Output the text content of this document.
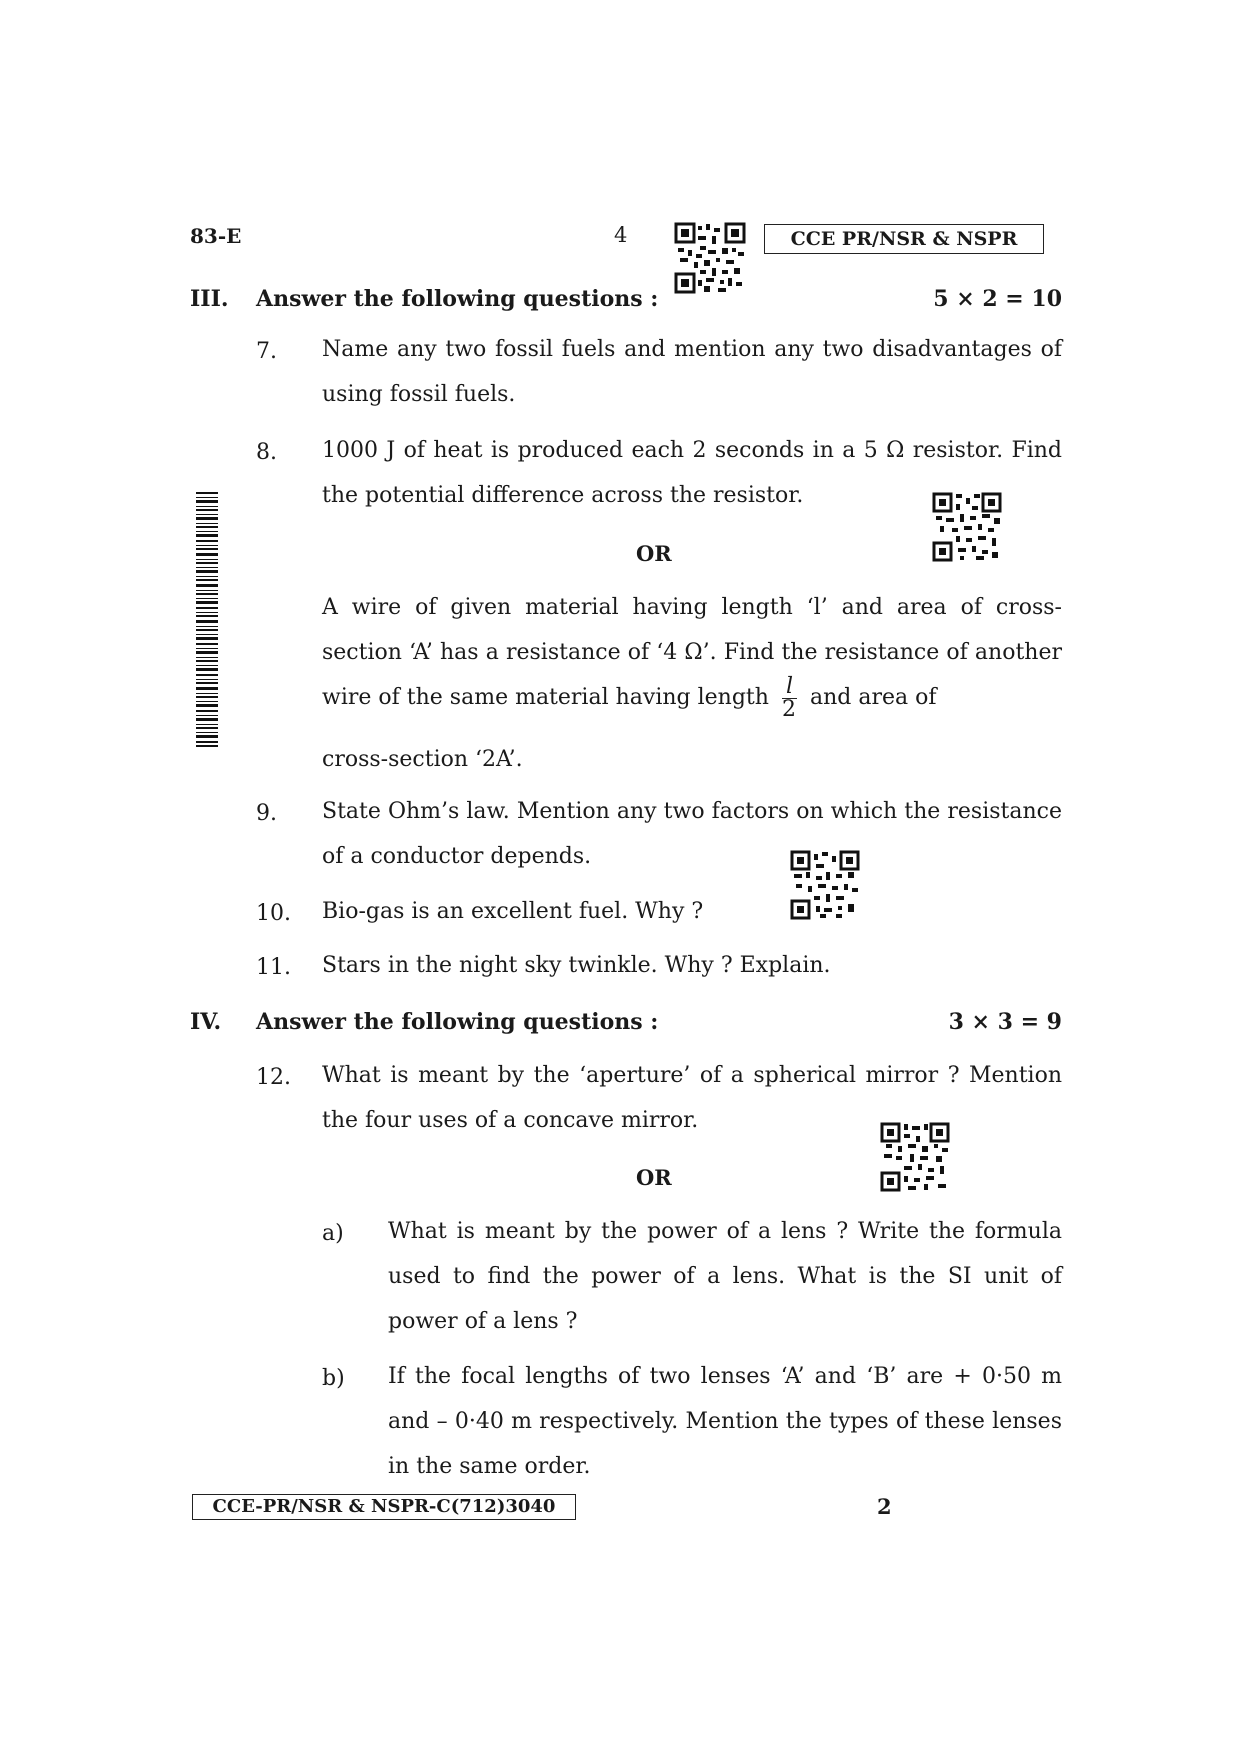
83-E	4	CCE PR/NSR & NSPR
III. Answer the following questions :	5 × 2 = 10
7. Name any two fossil fuels and mention any two disadvantages of using fossil fuels.
8. 1000 J of heat is produced each 2 seconds in a 5 Ω resistor. Find the potential difference across the resistor.
OR
A wire of given material having length ‘l’ and area of cross-section ‘A’ has a resistance of ‘4 Ω’. Find the resistance of another wire of the same material having length $\frac{l}{2}$ and area of
cross-section ‘2A’.
9. State Ohm’s law. Mention any two factors on which the resistance of a conductor depends.
10. Bio-gas is an excellent fuel. Why ?
11. Stars in the night sky twinkle. Why ? Explain.
IV. Answer the following questions :	3 × 3 = 9
12. What is meant by the ‘aperture’ of a spherical mirror ? Mention the four uses of a concave mirror.
OR
a) What is meant by the power of a lens ? Write the formula used to find the power of a lens. What is the SI unit of power of a lens ?
b) If the focal lengths of two lenses ‘A’ and ‘B’ are + 0·50 m and – 0·40 m respectively. Mention the types of these lenses in the same order.
CCE-PR/NSR & NSPR-C(712)3040	2
